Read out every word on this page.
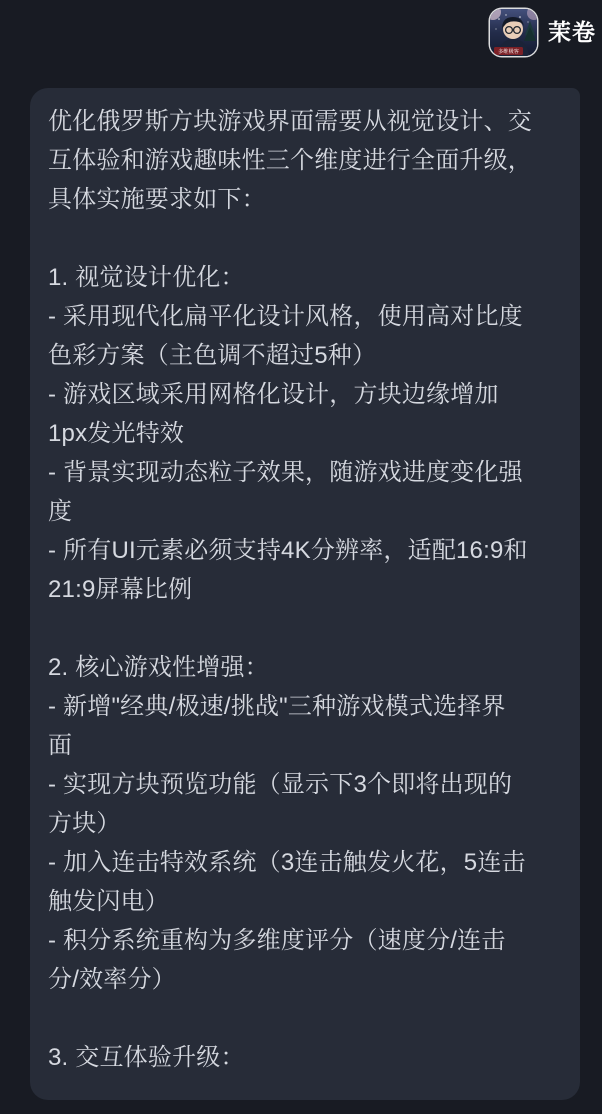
多维极客
茉卷
优化俄罗斯方块游戏界面需要从视觉设计、交
互体验和游戏趣味性三个维度进行全面升级，
具体实施要求如下：
1. 视觉设计优化：
- 采用现代化扁平化设计风格，使用高对比度
色彩方案（主色调不超过5种）
- 游戏区域采用网格化设计，方块边缘增加
1px发光特效
- 背景实现动态粒子效果，随游戏进度变化强
度
- 所有UI元素必须支持4K分辨率，适配16:9和
21:9屏幕比例
2. 核心游戏性增强：
- 新增"经典/极速/挑战"三种游戏模式选择界
面
- 实现方块预览功能（显示下3个即将出现的
方块）
- 加入连击特效系统（3连击触发火花，5连击
触发闪电）
- 积分系统重构为多维度评分（速度分/连击
分/效率分）
3. 交互体验升级：
